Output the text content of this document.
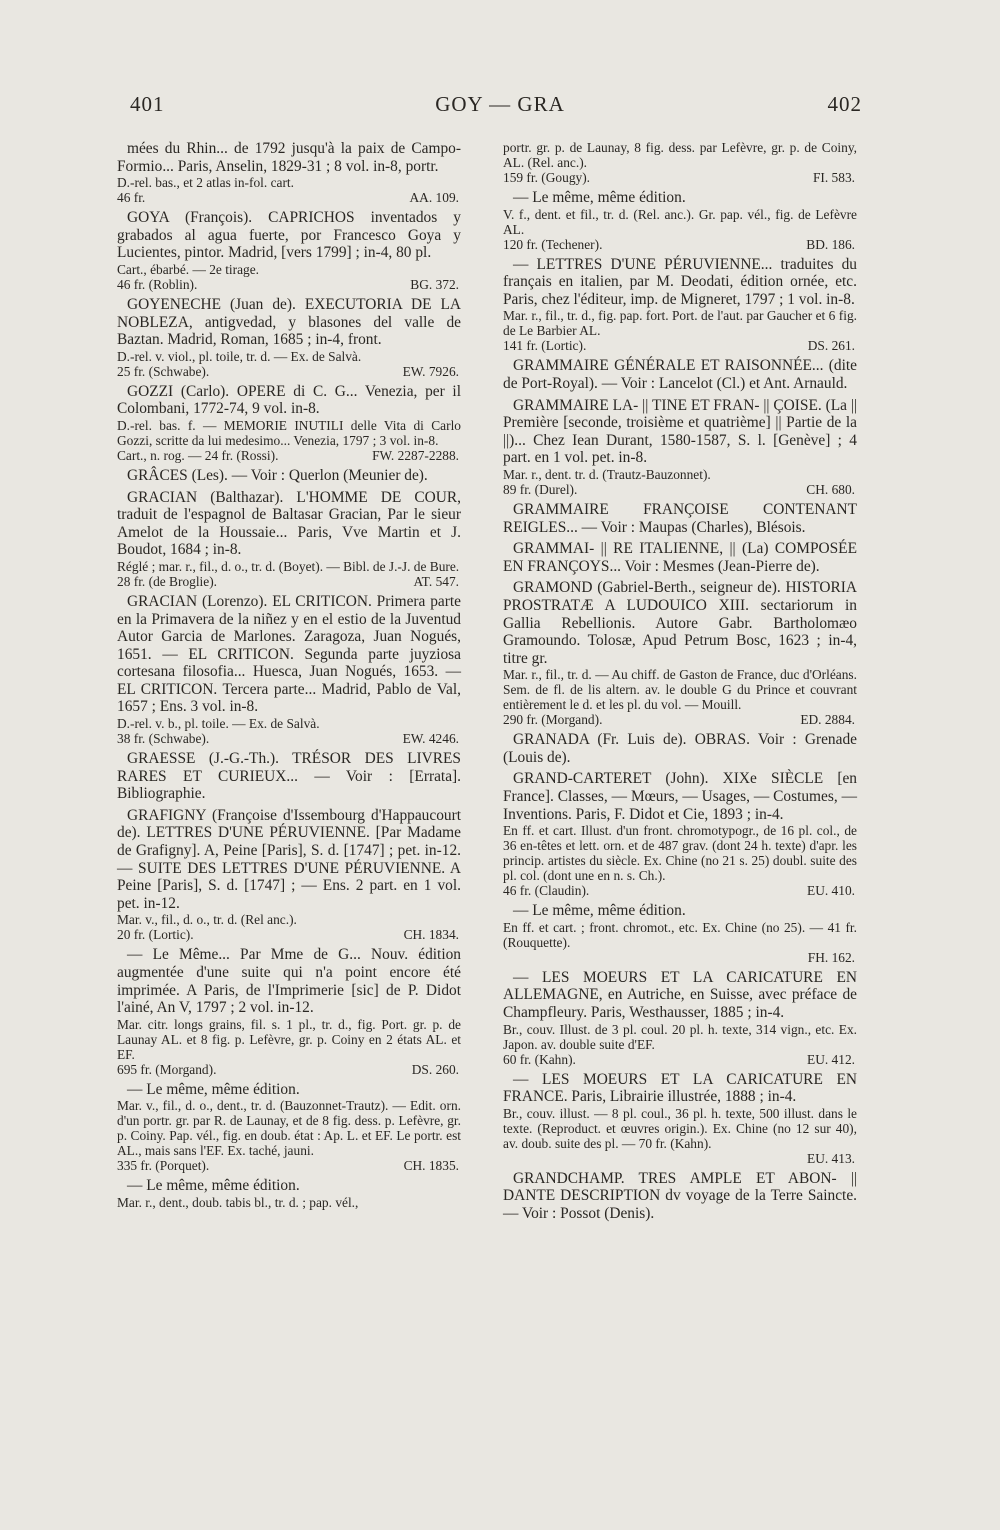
401	GOY — GRA	402
mées du Rhin... de 1792 jusqu'à la paix de Campo-Formio... Paris, Anselin, 1829-31 ; 8 vol. in-8, portr.
D.-rel. bas., et 2 atlas in-fol. cart.
46 fr.	AA. 109.
GOYA (François). CAPRICHOS inventados y grabados al agua fuerte, por Francesco Goya y Lucientes, pintor. Madrid, [vers 1799] ; in-4, 80 pl.
Cart., ébarbé. — 2e tirage.
46 fr. (Roblin).	BG. 372.
GOYENECHE (Juan de). EXECUTORIA DE LA NOBLEZA, antigvedad, y blasones del valle de Baztan. Madrid, Roman, 1685 ; in-4, front.
D.-rel. v. viol., pl. toile, tr. d. — Ex. de Salvà.
25 fr. (Schwabe).	EW. 7926.
GOZZI (Carlo). OPERE di C. G... Venezia, per il Colombani, 1772-74, 9 vol. in-8.
D.-rel. bas. f. — MEMORIE INUTILI delle Vita di Carlo Gozzi, scritte da lui medesimo... Venezia, 1797 ; 3 vol. in-8.
Cart., n. rog. — 24 fr. (Rossi).	FW. 2287-2288.
GRÂCES (Les). — Voir : Querlon (Meunier de).
GRACIAN (Balthazar). L'HOMME DE COUR, traduit de l'espagnol de Baltasar Gracian, Par le sieur Amelot de la Houssaie... Paris, Vve Martin et J. Boudot, 1684 ; in-8.
Réglé ; mar. r., fil., d. o., tr. d. (Boyet). — Bibl. de J.-J. de Bure.
28 fr. (de Broglie).	AT. 547.
GRACIAN (Lorenzo). EL CRITICON. Primera parte en la Primavera de la niñez y en el estio de la Juventud Autor Garcia de Marlones. Zaragoza, Juan Nogués, 1651. — EL CRITICON. Segunda parte juyziosa cortesana filosofia... Huesca, Juan Nogués, 1653. — EL CRITICON. Tercera parte... Madrid, Pablo de Val, 1657 ; Ens. 3 vol. in-8.
D.-rel. v. b., pl. toile. — Ex. de Salvà.
38 fr. (Schwabe).	EW. 4246.
GRAESSE (J.-G.-Th.). TRÉSOR DES LIVRES RARES ET CURIEUX... — Voir : [Errata]. Bibliographie.
GRAFIGNY (Françoise d'Issembourg d'Happaucourt de). LETTRES D'UNE PÉRUVIENNE. [Par Madame de Grafigny]. A, Peine [Paris], S. d. [1747] ; pet. in-12. — SUITE DES LETTRES D'UNE PÉRUVIENNE. A Peine [Paris], S. d. [1747] ; — Ens. 2 part. en 1 vol. pet. in-12.
Mar. v., fil., d. o., tr. d. (Rel anc.).
20 fr. (Lortic).	CH. 1834.
— Le Même... Par Mme de G... Nouv. édition augmentée d'une suite qui n'a point encore été imprimée. A Paris, de l'Imprimerie [sic] de P. Didot l'ainé, An V, 1797 ; 2 vol. in-12.
Mar. citr. longs grains, fil. s. 1 pl., tr. d., fig. Port. gr. p. de Launay AL. et 8 fig. p. Lefèvre, gr. p. Coiny en 2 états AL. et EF.
695 fr. (Morgand).	DS. 260.
— Le même, même édition.
Mar. v., fil., d. o., dent., tr. d. (Bauzonnet-Trautz). — Edit. orn. d'un portr. gr. par R. de Launay, et de 8 fig. dess. p. Lefèvre, gr. p. Coiny. Pap. vél., fig. en doub. état : Ap. L. et EF. Le portr. est AL., mais sans l'EF. Ex. taché, jauni.
335 fr. (Porquet).	CH. 1835.
— Le même, même édition.
Mar. r., dent., doub. tabis bl., tr. d. ; pap. vél.,
portr. gr. p. de Launay, 8 fig. dess. par Lefèvre, gr. p. de Coiny, AL. (Rel. anc.).
159 fr. (Gougy).	FI. 583.
— Le même, même édition.
V. f., dent. et fil., tr. d. (Rel. anc.). Gr. pap. vél., fig. de Lefèvre AL.
120 fr. (Techener).	BD. 186.
— LETTRES D'UNE PÉRUVIENNE... traduites du français en italien, par M. Deodati, édition ornée, etc. Paris, chez l'éditeur, imp. de Migneret, 1797 ; 1 vol. in-8.
Mar. r., fil., tr. d., fig. pap. fort. Port. de l'aut. par Gaucher et 6 fig. de Le Barbier AL.
141 fr. (Lortic).	DS. 261.
GRAMMAIRE GÉNÉRALE ET RAISONNÉE... (dite de Port-Royal). — Voir : Lancelot (Cl.) et Ant. Arnauld.
GRAMMAIRE LA- || TINE ET FRAN- || ÇOISE. (La || Première [seconde, troisième et quatrième] || Partie de la ||)... Chez Iean Durant, 1580-1587, S. l. [Genève] ; 4 part. en 1 vol. pet. in-8.
Mar. r., dent. tr. d. (Trautz-Bauzonnet).
89 fr. (Durel).	CH. 680.
GRAMMAIRE FRANÇOISE CONTENANT REIGLES... — Voir : Maupas (Charles), Blésois.
GRAMMAI- || RE ITALIENNE, || (La) COMPOSÉE EN FRANÇOYS... Voir : Mesmes (Jean-Pierre de).
GRAMOND (Gabriel-Berth., seigneur de). HISTORIA PROSTRATÆ A LUDOUICO XIII. sectariorum in Gallia Rebellionis. Autore Gabr. Bartholomæo Gramoundo. Tolosæ, Apud Petrum Bosc, 1623 ; in-4, titre gr.
Mar. r., fil., tr. d. — Au chiff. de Gaston de France, duc d'Orléans. Sem. de fl. de lis altern. av. le double G du Prince et couvrant entièrement le d. et les pl. du vol. — Mouill.
290 fr. (Morgand).	ED. 2884.
GRANADA (Fr. Luis de). OBRAS. Voir : Grenade (Louis de).
GRAND-CARTERET (John). XIXe SIÈCLE [en France]. Classes, — Mœurs, — Usages, — Costumes, — Inventions. Paris, F. Didot et Cie, 1893 ; in-4.
En ff. et cart. Illust. d'un front. chromotypogr., de 16 pl. col., de 36 en-têtes et lett. orn. et de 487 grav. (dont 24 h. texte) d'apr. les princip. artistes du siècle. Ex. Chine (no 21 s. 25) doubl. suite des pl. col. (dont une en n. s. Ch.).
46 fr. (Claudin).	EU. 410.
— Le même, même édition.
En ff. et cart. ; front. chromot., etc. Ex. Chine (no 25). — 41 fr. (Rouquette).
FH. 162.
— LES MOEURS ET LA CARICATURE EN ALLEMAGNE, en Autriche, en Suisse, avec préface de Champfleury. Paris, Westhausser, 1885 ; in-4.
Br., couv. Illust. de 3 pl. coul. 20 pl. h. texte, 314 vign., etc. Ex. Japon. av. double suite d'EF.
60 fr. (Kahn).	EU. 412.
— LES MOEURS ET LA CARICATURE EN FRANCE. Paris, Librairie illustrée, 1888 ; in-4.
Br., couv. illust. — 8 pl. coul., 36 pl. h. texte, 500 illust. dans le texte. (Reproduct. et œuvres origin.). Ex. Chine (no 12 sur 40), av. doub. suite des pl. — 70 fr. (Kahn).
EU. 413.
GRANDCHAMP. TRES AMPLE ET ABON- || DANTE DESCRIPTION dv voyage de la Terre Saincte. — Voir : Possot (Denis).
